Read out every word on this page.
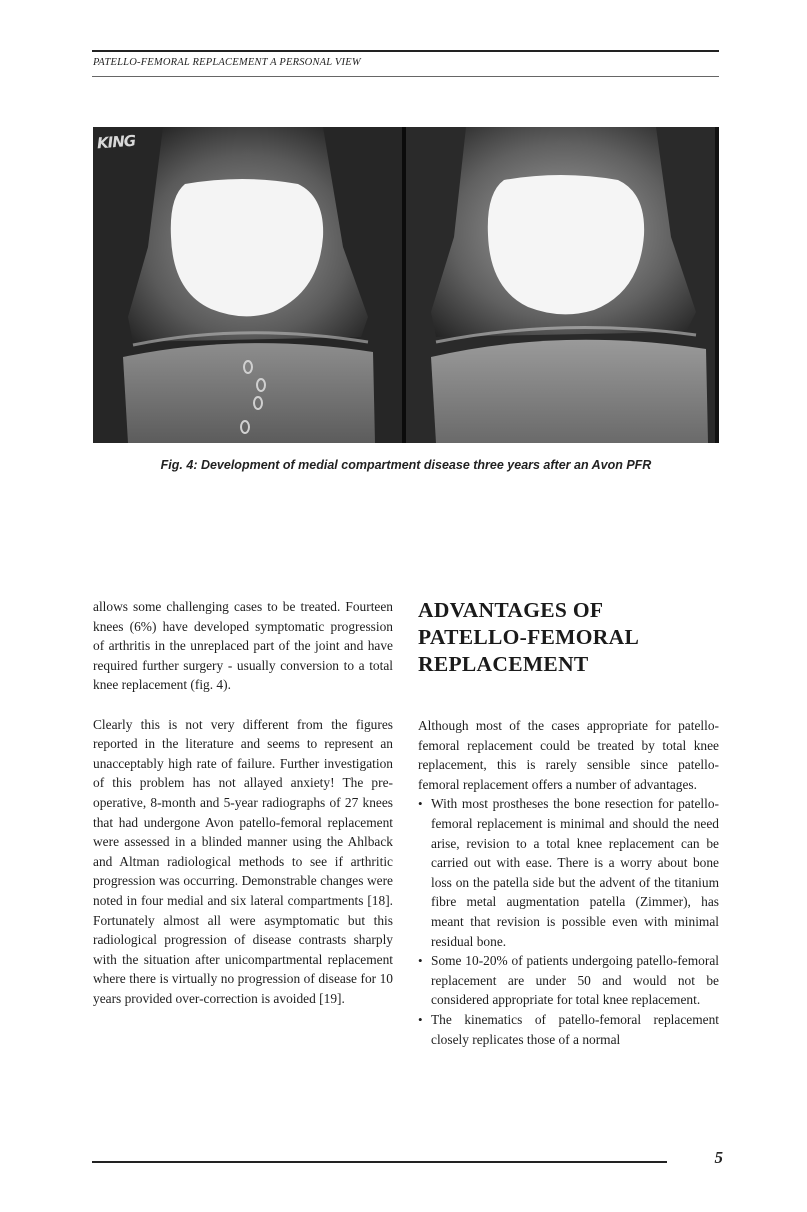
PATELLO-FEMORAL REPLACEMENT A PERSONAL VIEW
KING
Fig. 4: Development of medial compartment disease three years after an Avon PFR

allows some challenging cases to be treated. Fourteen knees (6%) have developed symptomatic progression of arthritis in the unreplaced part of the joint and have required further surgery - usually conversion to a total knee replacement (fig. 4).

Clearly this is not very different from the figures reported in the literature and seems to represent an unacceptably high rate of failure. Further investigation of this problem has not allayed anxiety! The pre-operative, 8-month and 5-year radiographs of 27 knees that had undergone Avon patello-femoral replacement were assessed in a blinded manner using the Ahlback and Altman radiological methods to see if arthritic progression was occurring. Demonstrable changes were noted in four medial and six lateral compartments [18]. Fortunately almost all were asymptomatic but this radiological progression of disease contrasts sharply with the situation after unicompartmental replacement where there is virtually no progression of disease for 10 years provided over-correction is avoided [19].

ADVANTAGES OF
PATELLO-FEMORAL
REPLACEMENT

Although most of the cases appropriate for patello-femoral replacement could be treated by total knee replacement, this is rarely sensible since patello-femoral replacement offers a number of advantages.

• With most prostheses the bone resection for patello-femoral replacement is minimal and should the need arise, revision to a total knee replacement can be carried out with ease. There is a worry about bone loss on the patella side but the advent of the titanium fibre metal augmentation patella (Zimmer), has meant that revision is possible even with minimal residual bone.
• Some 10-20% of patients undergoing patello-femoral replacement are under 50 and would not be considered appropriate for total knee replacement.
• The kinematics of patello-femoral replacement closely replicates those of a normal
5
